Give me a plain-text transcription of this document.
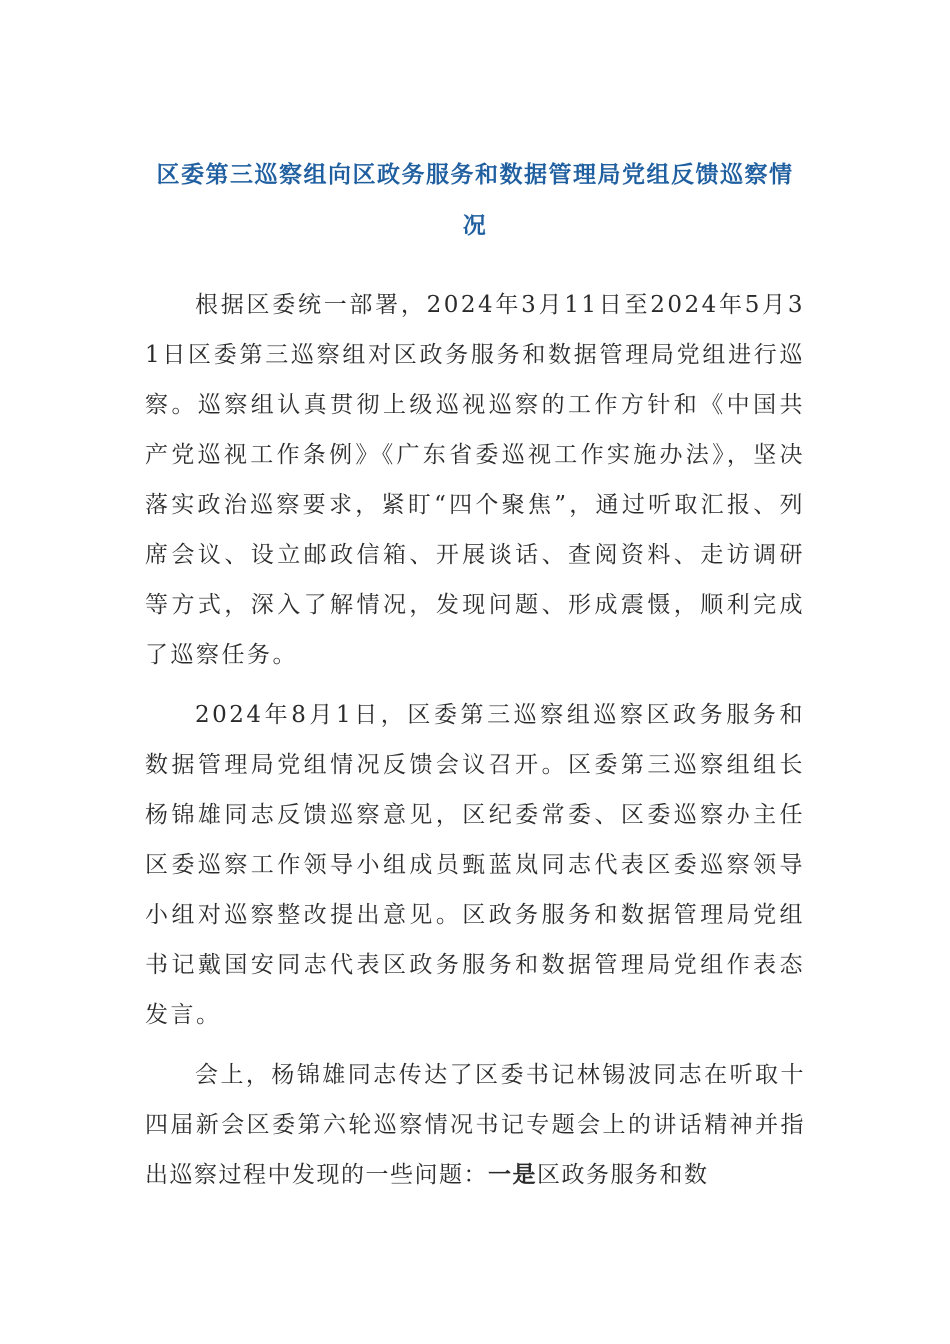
区委第三巡察组向区政务服务和数据管理局党组反馈巡察情况

根据区委统一部署，2024年3月11日至2024年5月31日区委第三巡察组对区政务服务和数据管理局党组进行巡察。巡察组认真贯彻上级巡视巡察的工作方针和《中国共产党巡视工作条例》《广东省委巡视工作实施办法》，坚决落实政治巡察要求，紧盯“四个聚焦”，通过听取汇报、列席会议、设立邮政信箱、开展谈话、查阅资料、走访调研等方式，深入了解情况，发现问题、形成震慑，顺利完成了巡察任务。

2024年8月1日，区委第三巡察组巡察区政务服务和数据管理局党组情况反馈会议召开。区委第三巡察组组长杨锦雄同志反馈巡察意见，区纪委常委、区委巡察办主任区委巡察工作领导小组成员甄蓝岚同志代表区委巡察领导小组对巡察整改提出意见。区政务服务和数据管理局党组书记戴国安同志代表区政务服务和数据管理局党组作表态发言。

会上，杨锦雄同志传达了区委书记林锡波同志在听取十四届新会区委第六轮巡察情况书记专题会上的讲话精神并指出巡察过程中发现的一些问题：一是区政务服务和数
